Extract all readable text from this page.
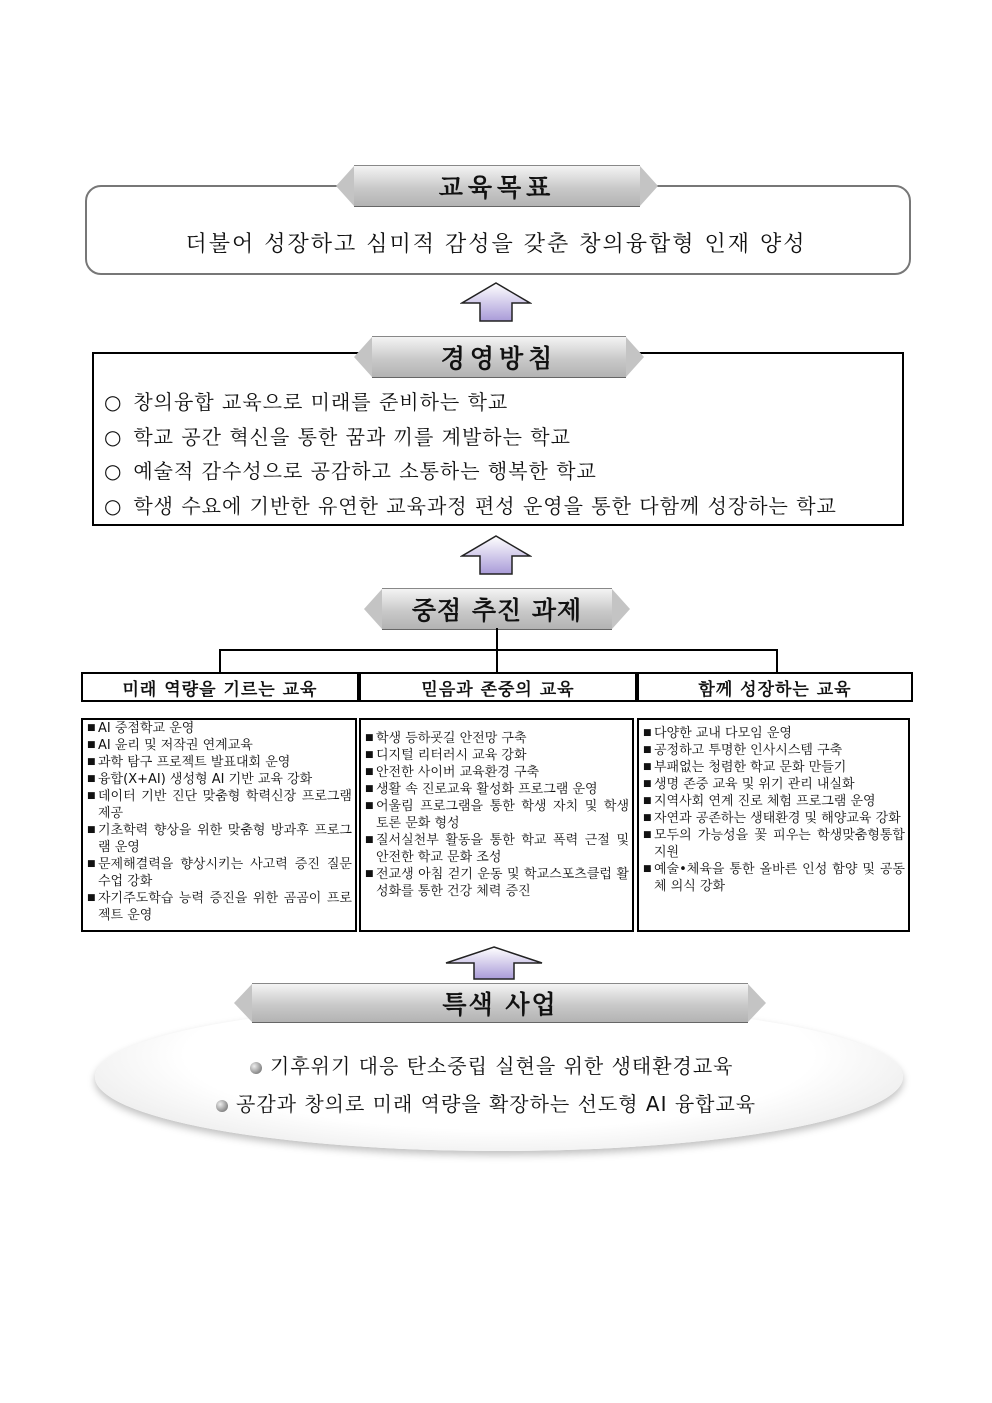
교육목표
더불어 성장하고 심미적 감성을 갖춘 창의융합형 인재 양성
경영방침
○ 창의융합 교육으로 미래를 준비하는 학교
○ 학교 공간 혁신을 통한 꿈과 끼를 계발하는 학교
○ 예술적 감수성으로 공감하고 소통하는 행복한 학교
○ 학생 수요에 기반한 유연한 교육과정 편성 운영을 통한 다함께 성장하는 학교
중점 추진 과제
미래 역량을 기르는 교육	믿음과 존중의 교육	함께 성장하는 교육
■ AI 중점학교 운영
■ AI 윤리 및 저작권 연계교육
■ 과학 탐구 프로젝트 발표대회 운영
■ 융합(X+AI) 생성형 AI 기반 교육 강화
■ 데이터 기반 진단 맞춤형 학력신장 프로그램 제공
■ 기초학력 향상을 위한 맞춤형 방과후 프로그램 운영
■ 문제해결력을 향상시키는 사고력 증진 질문수업 강화
■ 자기주도학습 능력 증진을 위한 곰곰이 프로젝트 운영
■ 학생 등하굣길 안전망 구축
■ 디지털 리터러시 교육 강화
■ 안전한 사이버 교육환경 구축
■ 생활 속 진로교육 활성화 프로그램 운영
■ 어울림 프로그램을 통한 학생 자치 및 학생 토론 문화 형성
■ 질서실천부 활동을 통한 학교 폭력 근절 및 안전한 학교 문화 조성
■ 전교생 아침 걷기 운동 및 학교스포츠클럽 활성화를 통한 건강 체력 증진
■ 다양한 교내 다모임 운영
■ 공정하고 투명한 인사시스템 구축
■ 부패없는 청렴한 학교 문화 만들기
■ 생명 존중 교육 및 위기 관리 내실화
■ 지역사회 연계 진로 체험 프로그램 운영
■ 자연과 공존하는 생태환경 및 해양교육 강화
■ 모두의 가능성을 꽃 피우는 학생맞춤형통합지원
■ 예술•체육을 통한 올바른 인성 함양 및 공동체 의식 강화
특색 사업
기후위기 대응 탄소중립 실현을 위한 생태환경교육
공감과 창의로 미래 역량을 확장하는 선도형 AI 융합교육
